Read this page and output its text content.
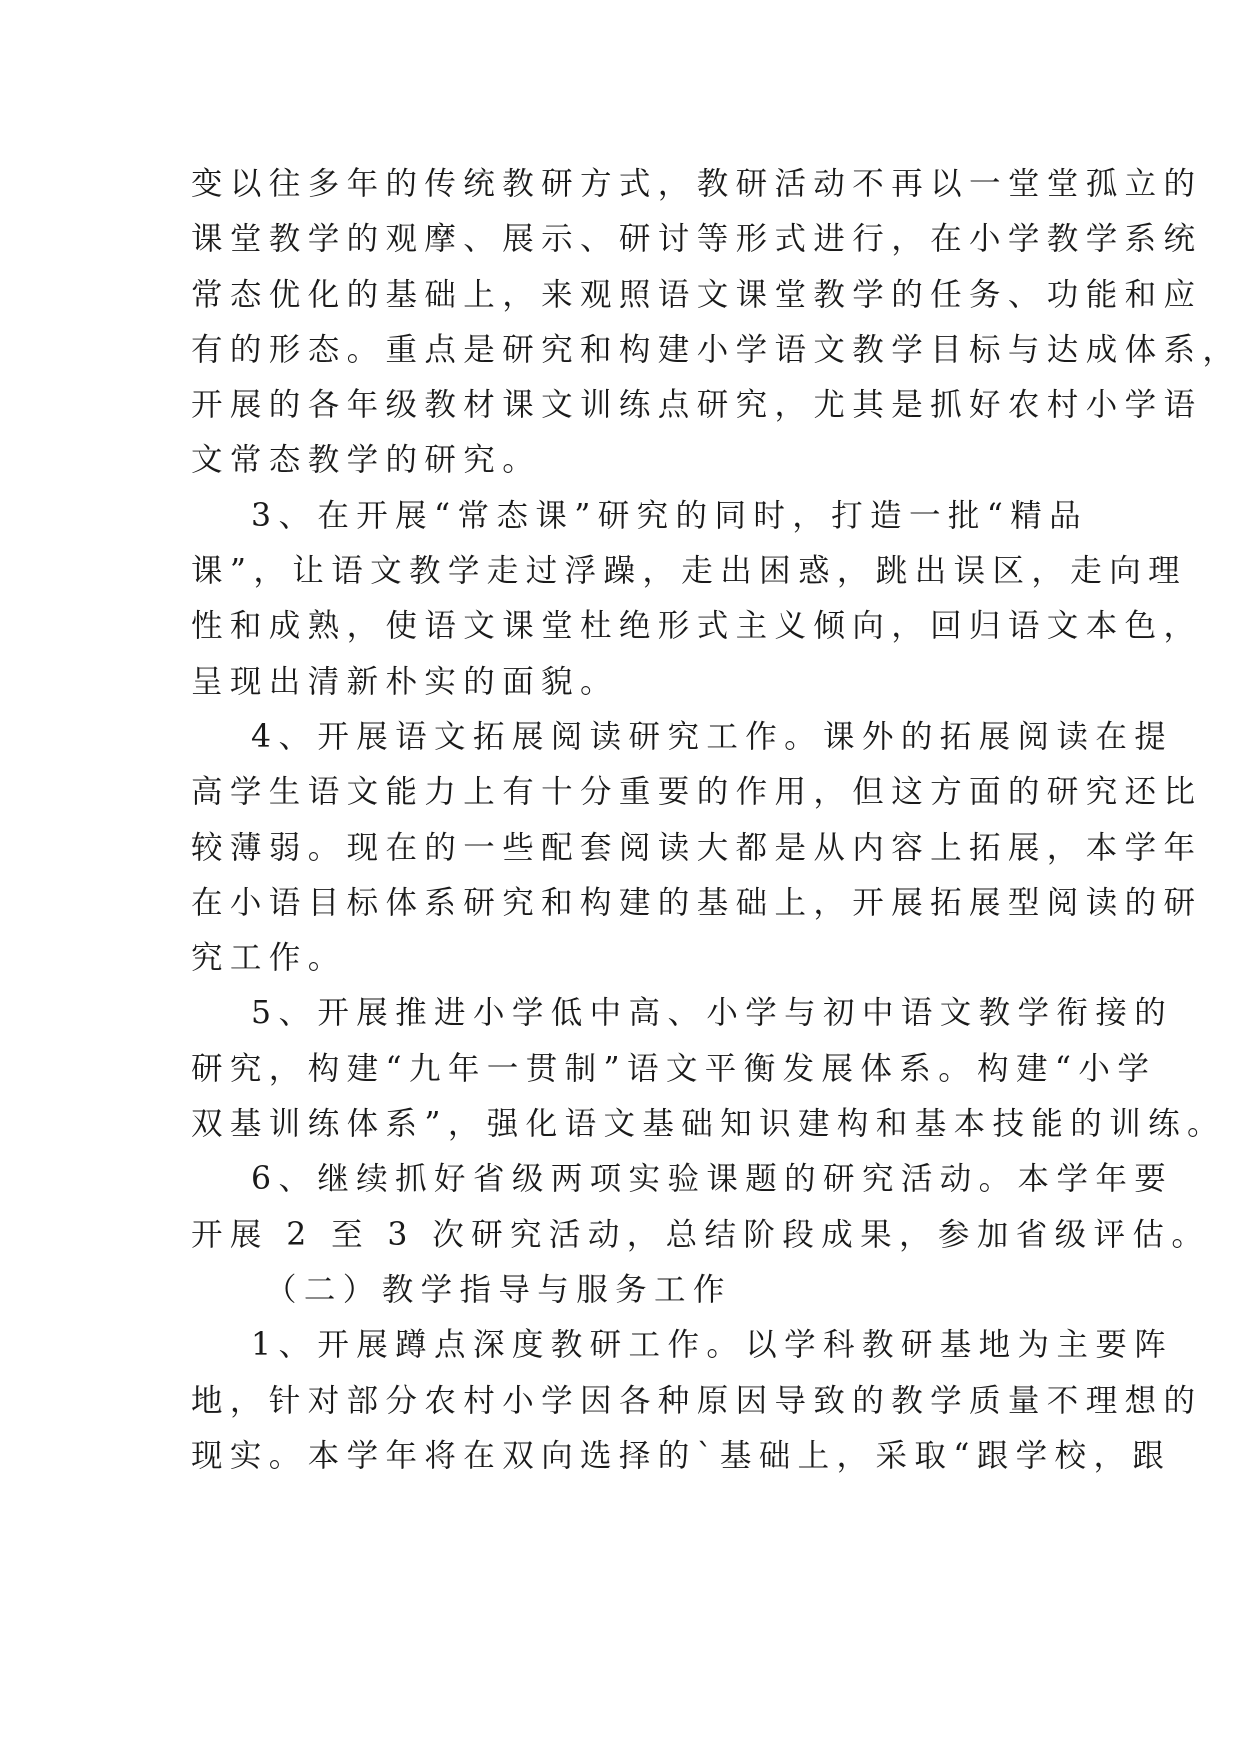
变以往多年的传统教研方式，教研活动不再以一堂堂孤立的
课堂教学的观摩、展示、研讨等形式进行，在小学教学系统
常态优化的基础上，来观照语文课堂教学的任务、功能和应
有的形态。重点是研究和构建小学语文教学目标与达成体系，
开展的各年级教材课文训练点研究，尤其是抓好农村小学语
文常态教学的研究。
3、在开展“常态课”研究的同时，打造一批“精品
课”，让语文教学走过浮躁，走出困惑，跳出误区，走向理
性和成熟，使语文课堂杜绝形式主义倾向，回归语文本色，
呈现出清新朴实的面貌。
4、开展语文拓展阅读研究工作。课外的拓展阅读在提
高学生语文能力上有十分重要的作用，但这方面的研究还比
较薄弱。现在的一些配套阅读大都是从内容上拓展，本学年
在小语目标体系研究和构建的基础上，开展拓展型阅读的研
究工作。
5、开展推进小学低中高、小学与初中语文教学衔接的
研究，构建“九年一贯制”语文平衡发展体系。构建“小学
双基训练体系”，强化语文基础知识建构和基本技能的训练。
6、继续抓好省级两项实验课题的研究活动。本学年要
开展 2 至 3 次研究活动，总结阶段成果，参加省级评估。
（二）教学指导与服务工作
1、开展蹲点深度教研工作。以学科教研基地为主要阵
地，针对部分农村小学因各种原因导致的教学质量不理想的
现实。本学年将在双向选择的`基础上，采取“跟学校，跟
